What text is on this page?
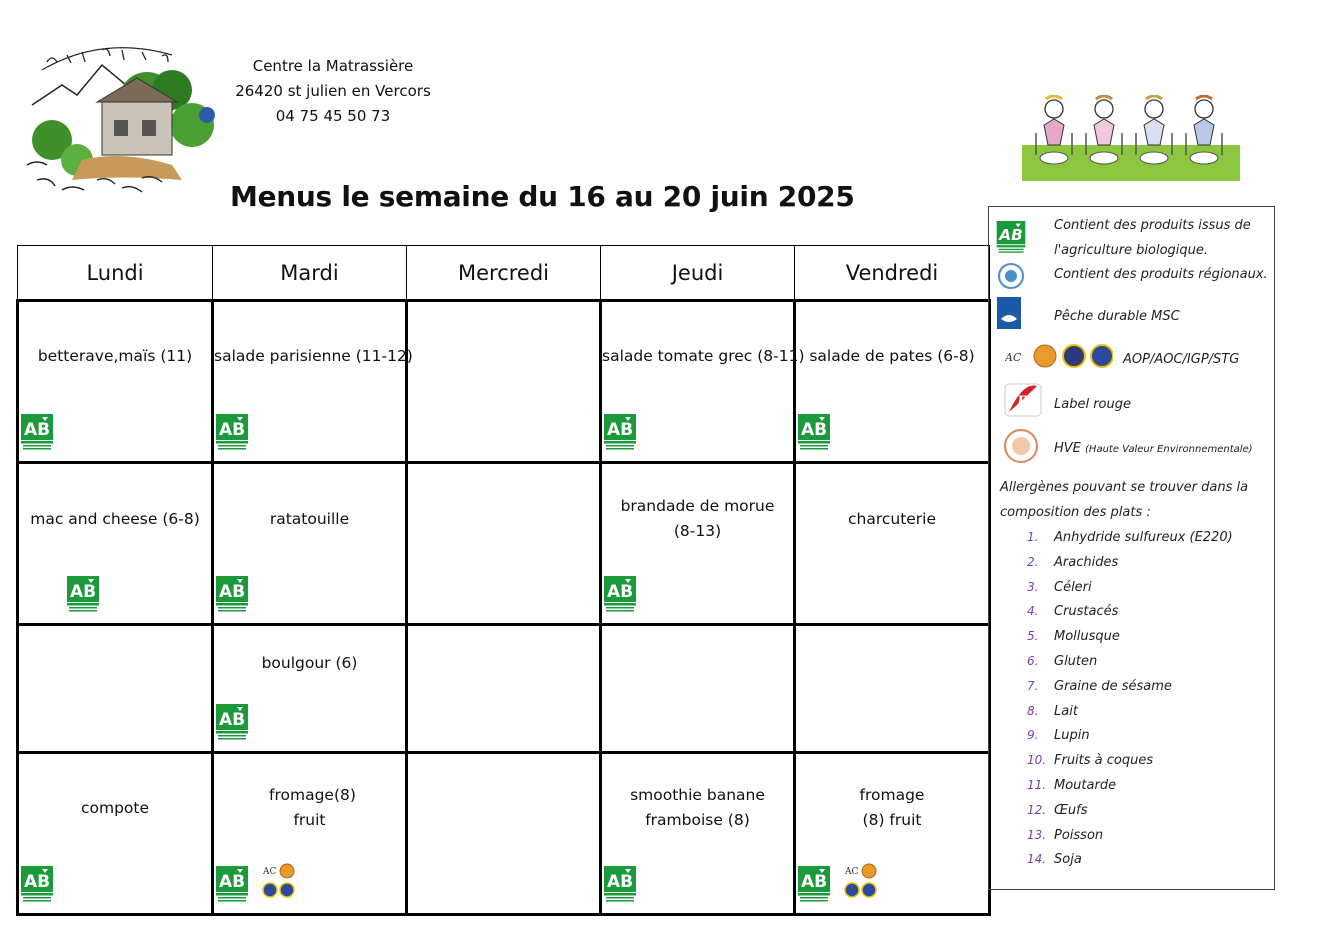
Centre la Matrassière
26420 st julien en Vercors
04 75 45 50 73
Menus le semaine du 16 au 20 juin 2025
Lundi	Mardi	Mercredi	Jeudi	Vendredi

betterave,maïs (11)	salade parisienne (11-12)		salade tomate grec (8-11)	salade de pates (6-8)

mac and cheese (6-8)	ratatouille		brandade de morue (8-13)	charcuterie

	boulgour (6)			

compote	fromage(8) fruit		smoothie banane framboise (8)	fromage (8) fruit
Contient des produits issus de
l'agriculture biologique.
Contient des produits régionaux.
Pêche durable MSC
AC	AOP/AOC/IGP/STG
R Label rouge
HVE (Haute Valeur Environnementale)
Allergènes pouvant se trouver dans la composition des plats :
1. Anhydride sulfureux (E220)
2. Arachides
3. Céleri
4. Crustacés
5. Mollusque
6. Gluten
7. Graine de sésame
8. Lait
9. Lupin
10. Fruits à coques
11. Moutarde
12. Œufs
13. Poisson
14. Soja
